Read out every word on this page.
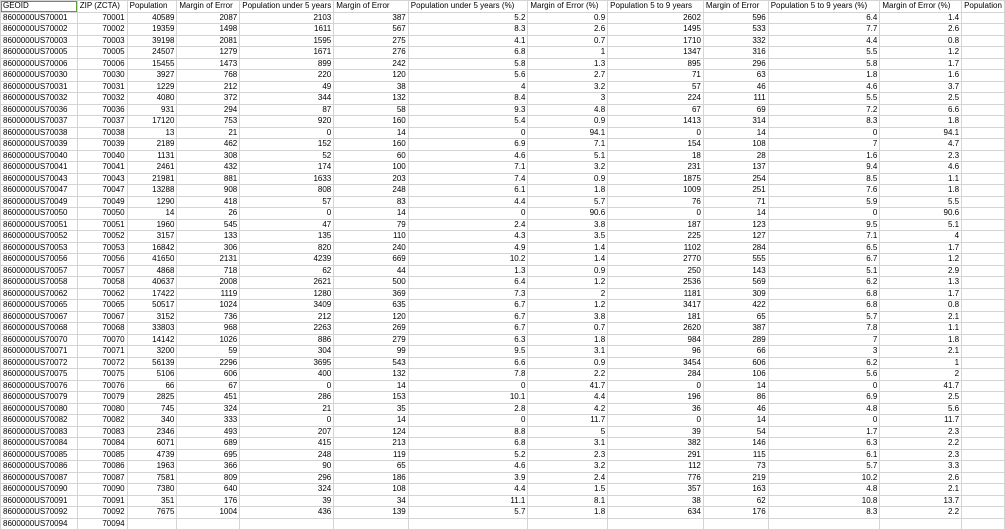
GEOID	ZIP (ZCTA)	Population	Margin of Error	Population under 5 years	Margin of Error	Population under 5 years (%)	Margin of Error (%)	Population 5 to 9 years	Margin of Error	Population 5 to 9 years (%)	Margin of Error (%)	Population
8600000US70001	70001	40589	2087	2103	387	5.2	0.9	2602	596	6.4	1.4	
8600000US70002	70002	19359	1498	1611	567	8.3	2.6	1495	533	7.7	2.6	
8600000US70003	70003	39198	2081	1595	275	4.1	0.7	1710	332	4.4	0.8	
8600000US70005	70005	24507	1279	1671	276	6.8	1	1347	316	5.5	1.2	
8600000US70006	70006	15455	1473	899	242	5.8	1.3	895	296	5.8	1.7	
8600000US70030	70030	3927	768	220	120	5.6	2.7	71	63	1.8	1.6	
8600000US70031	70031	1229	212	49	38	4	3.2	57	46	4.6	3.7	
8600000US70032	70032	4080	372	344	132	8.4	3	224	111	5.5	2.5	
8600000US70036	70036	931	294	87	58	9.3	4.8	67	69	7.2	6.6	
8600000US70037	70037	17120	753	920	160	5.4	0.9	1413	314	8.3	1.8	
8600000US70038	70038	13	21	0	14	0	94.1	0	14	0	94.1	
8600000US70039	70039	2189	462	152	160	6.9	7.1	154	108	7	4.7	
8600000US70040	70040	1131	308	52	60	4.6	5.1	18	28	1.6	2.3	
8600000US70041	70041	2461	432	174	100	7.1	3.2	231	137	9.4	4.6	
8600000US70043	70043	21981	881	1633	203	7.4	0.9	1875	254	8.5	1.1	
8600000US70047	70047	13288	908	808	248	6.1	1.8	1009	251	7.6	1.8	
8600000US70049	70049	1290	418	57	83	4.4	5.7	76	71	5.9	5.5	
8600000US70050	70050	14	26	0	14	0	90.6	0	14	0	90.6	
8600000US70051	70051	1960	545	47	79	2.4	3.8	187	123	9.5	5.1	
8600000US70052	70052	3157	133	135	110	4.3	3.5	225	127	7.1	4	
8600000US70053	70053	16842	306	820	240	4.9	1.4	1102	284	6.5	1.7	
8600000US70056	70056	41650	2131	4239	669	10.2	1.4	2770	555	6.7	1.2	
8600000US70057	70057	4868	718	62	44	1.3	0.9	250	143	5.1	2.9	
8600000US70058	70058	40637	2008	2621	500	6.4	1.2	2536	569	6.2	1.3	
8600000US70062	70062	17422	1119	1280	369	7.3	2	1181	309	6.8	1.7	
8600000US70065	70065	50517	1024	3409	635	6.7	1.2	3417	422	6.8	0.8	
8600000US70067	70067	3152	736	212	120	6.7	3.8	181	65	5.7	2.1	
8600000US70068	70068	33803	968	2263	269	6.7	0.7	2620	387	7.8	1.1	
8600000US70070	70070	14142	1026	886	279	6.3	1.8	984	289	7	1.8	
8600000US70071	70071	3200	59	304	99	9.5	3.1	96	66	3	2.1	
8600000US70072	70072	56139	2296	3695	543	6.6	0.9	3454	606	6.2	1	
8600000US70075	70075	5106	606	400	132	7.8	2.2	284	106	5.6	2	
8600000US70076	70076	66	67	0	14	0	41.7	0	14	0	41.7	
8600000US70079	70079	2825	451	286	153	10.1	4.4	196	86	6.9	2.5	
8600000US70080	70080	745	324	21	35	2.8	4.2	36	46	4.8	5.6	
8600000US70082	70082	340	333	0	14	0	11.7	0	14	0	11.7	
8600000US70083	70083	2346	493	207	124	8.8	5	39	54	1.7	2.3	
8600000US70084	70084	6071	689	415	213	6.8	3.1	382	146	6.3	2.2	
8600000US70085	70085	4739	695	248	119	5.2	2.3	291	115	6.1	2.3	
8600000US70086	70086	1963	366	90	65	4.6	3.2	112	73	5.7	3.3	
8600000US70087	70087	7581	809	296	186	3.9	2.4	776	219	10.2	2.6	
8600000US70090	70090	7380	640	324	108	4.4	1.5	357	163	4.8	2.1	
8600000US70091	70091	351	176	39	34	11.1	8.1	38	62	10.8	13.7	
8600000US70092	70092	7675	1004	436	139	5.7	1.8	634	176	8.3	2.2	
8600000US70094	70094											
